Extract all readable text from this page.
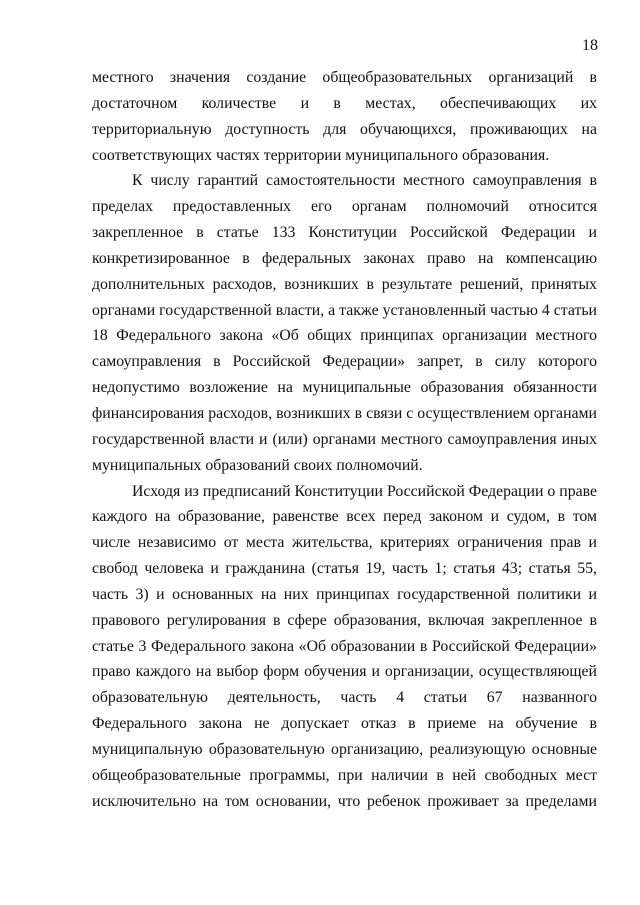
18

местного значения создание общеобразовательных организаций в достаточном количестве и в местах, обеспечивающих их территориальную доступность для обучающихся, проживающих на соответствующих частях территории муниципального образования.

К числу гарантий самостоятельности местного самоуправления в пределах предоставленных его органам полномочий относится закрепленное в статье 133 Конституции Российской Федерации и конкретизированное в федеральных законах право на компенсацию дополнительных расходов, возникших в результате решений, принятых органами государственной власти, а также установленный частью 4 статьи 18 Федерального закона «Об общих принципах организации местного самоуправления в Российской Федерации» запрет, в силу которого недопустимо возложение на муниципальные образования обязанности финансирования расходов, возникших в связи с осуществлением органами государственной власти и (или) органами местного самоуправления иных муниципальных образований своих полномочий.

Исходя из предписаний Конституции Российской Федерации о праве каждого на образование, равенстве всех перед законом и судом, в том числе независимо от места жительства, критериях ограничения прав и свобод человека и гражданина (статья 19, часть 1; статья 43; статья 55, часть 3) и основанных на них принципах государственной политики и правового регулирования в сфере образования, включая закрепленное в статье 3 Федерального закона «Об образовании в Российской Федерации» право каждого на выбор форм обучения и организации, осуществляющей образовательную деятельность, часть 4 статьи 67 названного Федерального закона не допускает отказ в приеме на обучение в муниципальную образовательную организацию, реализующую основные общеобразовательные программы, при наличии в ней свободных мест исключительно на том основании, что ребенок проживает за пределами
